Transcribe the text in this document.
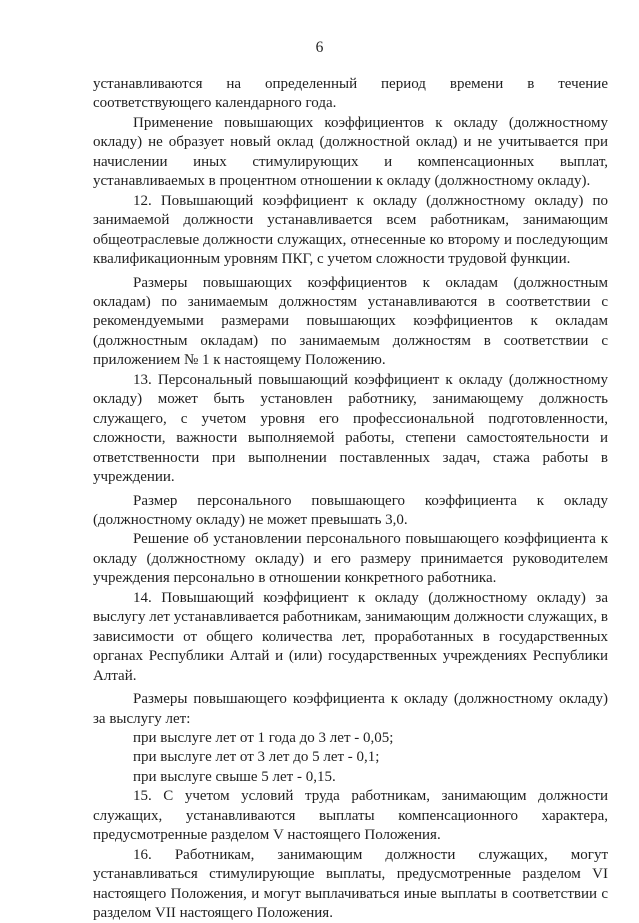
6

устанавливаются на определенный период времени в течение соответствующего календарного года.

Применение повышающих коэффициентов к окладу (должностному окладу) не образует новый оклад (должностной оклад) и не учитывается при начислении иных стимулирующих и компенсационных выплат, устанавливаемых в процентном отношении к окладу (должностному окладу).

12. Повышающий коэффициент к окладу (должностному окладу) по занимаемой должности устанавливается всем работникам, занимающим общеотраслевые должности служащих, отнесенные ко второму и последующим квалификационным уровням ПКГ, с учетом сложности трудовой функции.

Размеры повышающих коэффициентов к окладам (должностным окладам) по занимаемым должностям устанавливаются в соответствии с рекомендуемыми размерами повышающих коэффициентов к окладам (должностным окладам) по занимаемым должностям в соответствии с приложением № 1 к настоящему Положению.

13. Персональный повышающий коэффициент к окладу (должностному окладу) может быть установлен работнику, занимающему должность служащего, с учетом уровня его профессиональной подготовленности, сложности, важности выполняемой работы, степени самостоятельности и ответственности при выполнении поставленных задач, стажа работы в учреждении.

Размер персонального повышающего коэффициента к окладу (должностному окладу) не может превышать 3,0.

Решение об установлении персонального повышающего коэффициента к окладу (должностному окладу) и его размеру принимается руководителем учреждения персонально в отношении конкретного работника.

14. Повышающий коэффициент к окладу (должностному окладу) за выслугу лет устанавливается работникам, занимающим должности служащих, в зависимости от общего количества лет, проработанных в государственных органах Республики Алтай и (или) государственных учреждениях Республики Алтай.

Размеры повышающего коэффициента к окладу (должностному окладу) за выслугу лет:

при выслуге лет от 1 года до 3 лет - 0,05;

при выслуге лет от 3 лет до 5 лет - 0,1;

при выслуге свыше 5 лет - 0,15.

15. С учетом условий труда работникам, занимающим должности служащих, устанавливаются выплаты компенсационного характера, предусмотренные разделом V настоящего Положения.

16. Работникам, занимающим должности служащих, могут устанавливаться стимулирующие выплаты, предусмотренные разделом VI настоящего Положения, и могут выплачиваться иные выплаты в соответствии с разделом VII настоящего Положения.
